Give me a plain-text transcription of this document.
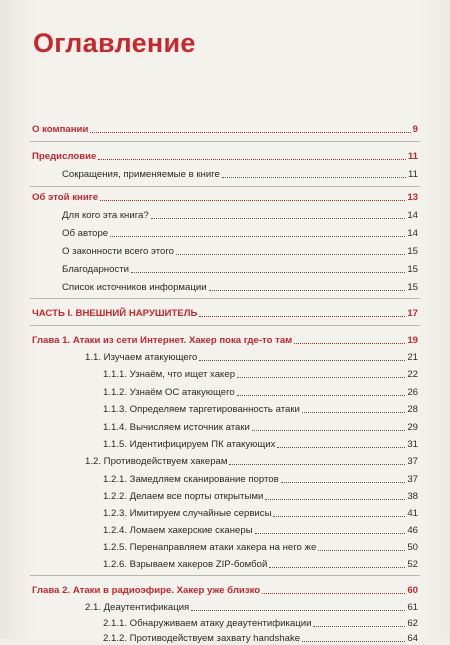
Оглавление
О компании	9
Предисловие	11
Сокращения, применяемые в книге	11
Об этой книге	13
Для кого эта книга?	14
Об авторе	14
О законности всего этого	15
Благодарности	15
Список источников информации	15
ЧАСТЬ I. ВНЕШНИЙ НАРУШИТЕЛЬ	17
Глава 1. Атаки из сети Интернет. Хакер пока где-то там	19
1.1. Изучаем атакующего	21
1.1.1. Узнаём, что ищет хакер	22
1.1.2. Узнаём ОС атакующего	26
1.1.3. Определяем таргетированность атаки	28
1.1.4. Вычисляем источник атаки	29
1.1.5. Идентифицируем ПК атакующих	31
1.2. Противодействуем хакерам	37
1.2.1. Замедляем сканирование портов	37
1.2.2. Делаем все порты открытыми	38
1.2.3. Имитируем случайные сервисы	41
1.2.4. Ломаем хакерские сканеры	46
1.2.5. Перенаправляем атаки хакера на него же	50
1.2.6. Взрываем хакеров ZIP-бомбой	52
Глава 2. Атаки в радиоэфире. Хакер уже близко	60
2.1. Деаутентификация	61
2.1.1. Обнаруживаем атаку деаутентификации	62
2.1.2. Противодействуем захвату handshake	64
